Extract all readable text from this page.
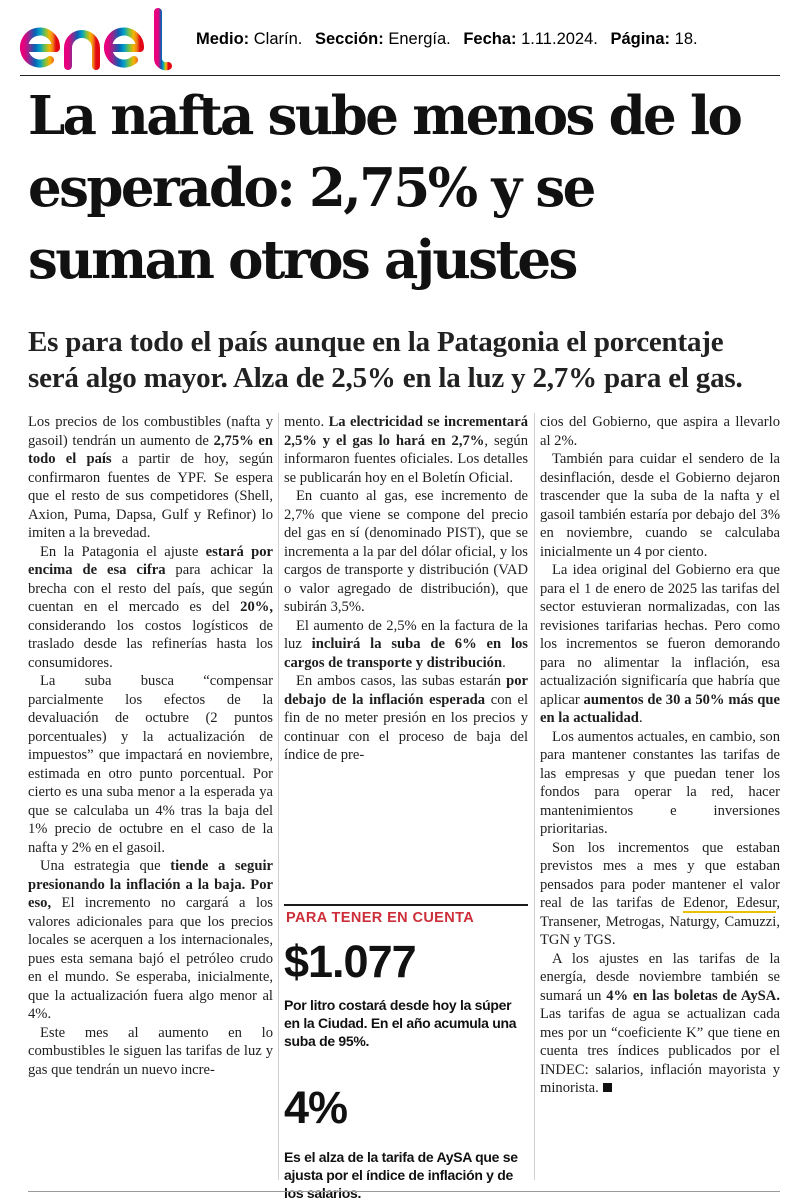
Medio: Clarín. Sección: Energía. Fecha: 1.11.2024. Página: 18.
La nafta sube menos de lo esperado: 2,75% y se suman otros ajustes
Es para todo el país aunque en la Patagonia el porcentaje será algo mayor. Alza de 2,5% en la luz y 2,7% para el gas.

Los precios de los combustibles (nafta y gasoil) tendrán un aumento de 2,75% en todo el país a partir de hoy, según confirmaron fuentes de YPF. Se espera que el resto de sus competidores (Shell, Axion, Puma, Dapsa, Gulf y Refinor) lo imiten a la brevedad.

En la Patagonia el ajuste estará por encima de esa cifra para achicar la brecha con el resto del país, que según cuentan en el mercado es del 20%, considerando los costos logísticos de traslado desde las refinerías hasta los consumidores.

La suba busca “compensar parcialmente los efectos de la devaluación de octubre (2 puntos porcentuales) y la actualización de impuestos” que impactará en noviembre, estimada en otro punto porcentual. Por cierto es una suba menor a la esperada ya que se calculaba un 4% tras la baja del 1% precio de octubre en el caso de la nafta y 2% en el gasoil.

Una estrategia que tiende a seguir presionando la inflación a la baja. Por eso, El incremento no cargará a los valores adicionales para que los precios locales se acerquen a los internacionales, pues esta semana bajó el petróleo crudo en el mundo. Se esperaba, inicialmente, que la actualización fuera algo menor al 4%.

Este mes al aumento en lo combustibles le siguen las tarifas de luz y gas que tendrán un nuevo incre-

mento. La electricidad se incrementará 2,5% y el gas lo hará en 2,7%, según informaron fuentes oficiales. Los detalles se publicarán hoy en el Boletín Oficial.

En cuanto al gas, ese incremento de 2,7% que viene se compone del precio del gas en sí (denominado PIST), que se incrementa a la par del dólar oficial, y los cargos de transporte y distribución (VAD o valor agregado de distribución), que subirán 3,5%.

El aumento de 2,5% en la factura de la luz incluirá la suba de 6% en los cargos de transporte y distribución.

En ambos casos, las subas estarán por debajo de la inflación esperada con el fin de no meter presión en los precios y continuar con el proceso de baja del índice de pre-

PARA TENER EN CUENTA
$1.077
Por litro costará desde hoy la súper en la Ciudad. En el año acumula una suba de 95%.
4%
Es el alza de la tarifa de AySA que se ajusta por el índice de inflación y de los salarios.

cios del Gobierno, que aspira a llevarlo al 2%.

También para cuidar el sendero de la desinflación, desde el Gobierno dejaron trascender que la suba de la nafta y el gasoil también estaría por debajo del 3% en noviembre, cuando se calculaba inicialmente un 4 por ciento.

La idea original del Gobierno era que para el 1 de enero de 2025 las tarifas del sector estuvieran normalizadas, con las revisiones tarifarias hechas. Pero como los incrementos se fueron demorando para no alimentar la inflación, esa actualización significaría que habría que aplicar aumentos de 30 a 50% más que en la actualidad.

Los aumentos actuales, en cambio, son para mantener constantes las tarifas de las empresas y que puedan tener los fondos para operar la red, hacer mantenimientos e inversiones prioritarias.

Son los incrementos que estaban previstos mes a mes y que estaban pensados para poder mantener el valor real de las tarifas de Edenor, Edesur, Transener, Metrogas, Naturgy, Camuzzi, TGN y TGS.

A los ajustes en las tarifas de la energía, desde noviembre también se sumará un 4% en las boletas de AySA. Las tarifas de agua se actualizan cada mes por un “coeficiente K” que tiene en cuenta tres índices publicados por el INDEC: salarios, inflación mayorista y minorista.
